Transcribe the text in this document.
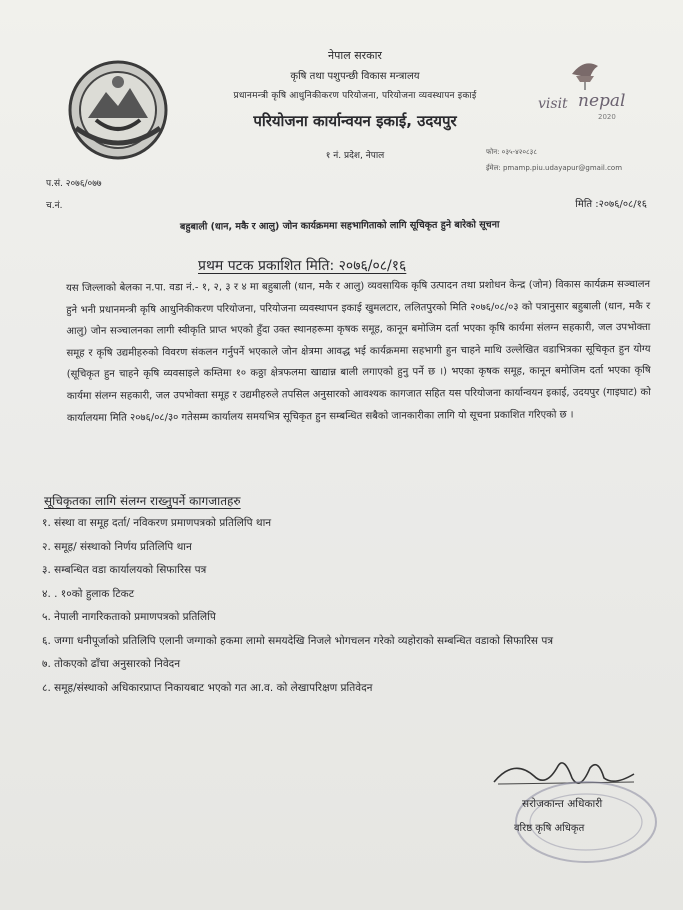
नेपाल सरकार
कृषि तथा पशुपन्छी विकास मन्त्रालय
प्रधानमन्त्री कृषि आधुनिकीकरण परियोजना, परियोजना व्यवस्थापन इकाई
परियोजना कार्यान्वयन इकाई, उदयपुर
१ नं. प्रदेश, नेपाल
visit nepal
2020
फोन: ०३५-४२०८३८
ईमेल: pmamp.piu.udayapur@gmail.com
प.सं. २०७६/०७७
च.नं.	मिति :२०७६/०८/१६
बहुबाली (धान, मकै र आलु) जोन कार्यक्रममा सहभागिताको लागि सूचिकृत हुने बारेको सूचना
प्रथम पटक प्रकाशित मिति: २०७६/०८/१६
यस जिल्लाको बेलका न.पा. वडा नं.- १, २, ३ र ४ मा बहुबाली (धान, मकै र आलु) व्यवसायिक कृषि उत्पादन तथा प्रशोधन केन्द्र (जोन) विकास कार्यक्रम सञ्चालन हुने भनी प्रधानमन्त्री कृषि आधुनिकीकरण परियोजना, परियोजना व्यवस्थापन इकाई खुमलटार, ललितपुरको मिति २०७६/०८/०३ को पत्रानुसार बहुबाली (धान, मकै र आलु) जोन सञ्चालनका लागी स्वीकृति प्राप्त भएको हुँदा उक्त स्थानहरूमा कृषक समूह, कानून बमोजिम दर्ता भएका कृषि कार्यमा संलग्न सहकारी, जल उपभोक्ता समूह र कृषि उद्यमीहरुको विवरण संकलन गर्नुपर्ने भएकाले जोन क्षेत्रमा आवद्ध भई कार्यक्रममा सहभागी हुन चाहने माथि उल्लेखित वडाभित्रका सूचिकृत हुन योग्य (सूचिकृत हुन चाहने कृषि व्यवसाइले कम्तिमा १० कठ्ठा क्षेत्रफलमा खाद्यान्न बाली लगाएको हुनु पर्ने छ ।) भएका कृषक समूह, कानून बमोजिम दर्ता भएका कृषि कार्यमा संलग्न सहकारी, जल उपभोक्ता समूह र उद्यमीहरुले तपसिल अनुसारको आवश्यक कागजात सहित यस परियोजना कार्यान्वयन इकाई, उदयपुर (गाइघाट) को कार्यालयमा मिति २०७६/०८/३० गतेसम्म कार्यालय समयभित्र सूचिकृत हुन सम्बन्धित सबैको जानकारीका लागि यो सूचना प्रकाशित गरिएको छ ।
सूचिकृतका लागि संलग्न राख्नुपर्ने कागजातहरु
१. संस्था वा समूह दर्ता/ नविकरण प्रमाणपत्रको प्रतिलिपि थान
२. समूह/ संस्थाको निर्णय प्रतिलिपि थान
३. सम्बन्धित वडा कार्यालयको सिफारिस पत्र
४. . १०को हुलाक टिकट
५. नेपाली नागरिकताको प्रमाणपत्रको प्रतिलिपि
६. जग्गा धनीपूर्जाको प्रतिलिपि एलानी जग्गाको हकमा लामो समयदेखि निजले भोगचलन गरेको व्यहोराको सम्बन्धित वडाको सिफारिस पत्र
७. तोकएको ढाँचा अनुसारको निवेदन
८. समूह/संस्थाको अधिकारप्राप्त निकायबाट भएको गत आ.व. को लेखापरिक्षण प्रतिवेदन
सरोजकान्त अधिकारी
वरिष्ठ कृषि अधिकृत
